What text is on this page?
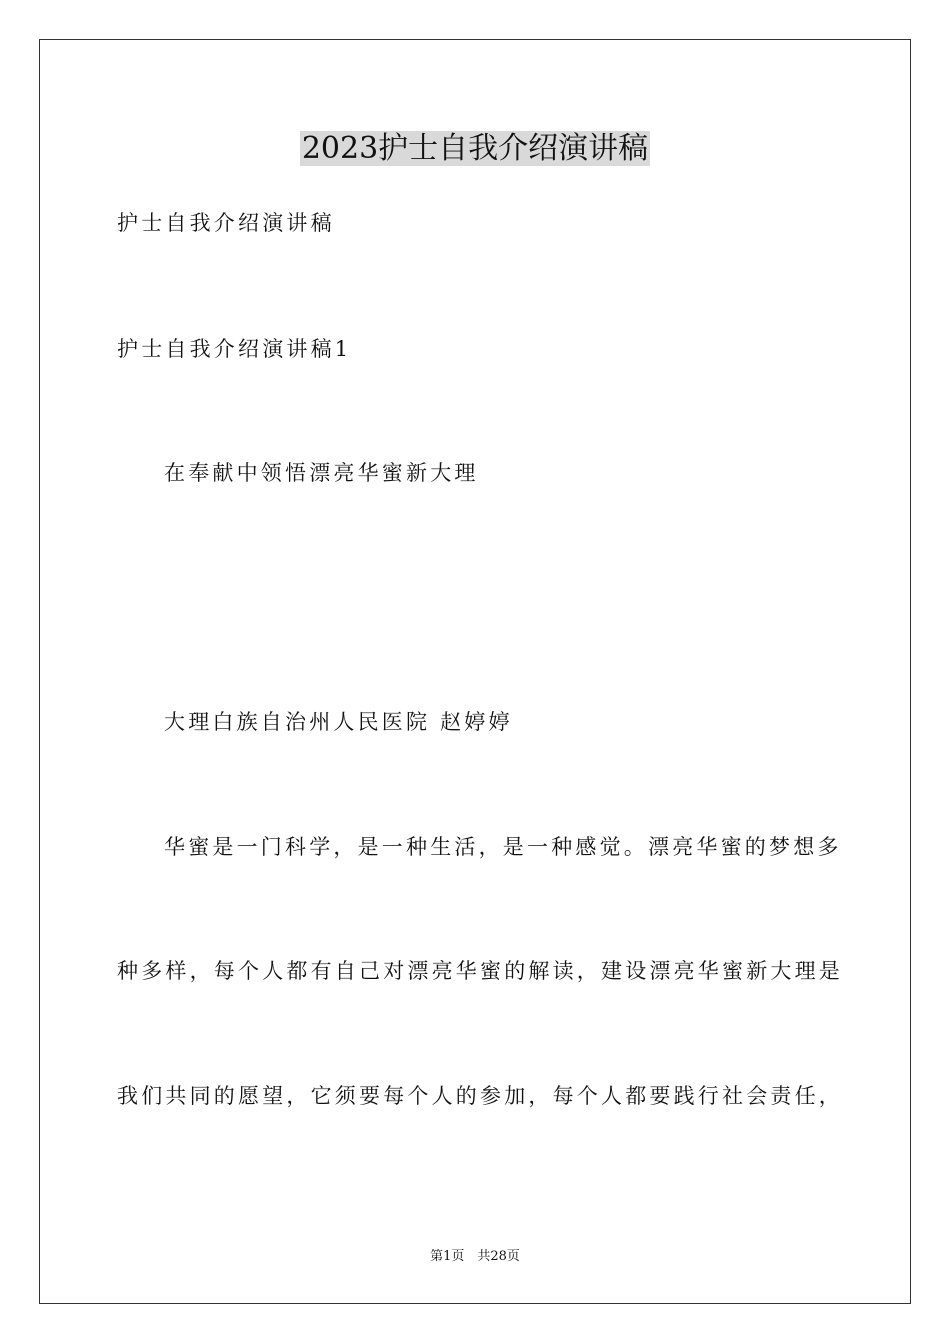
2023护士自我介绍演讲稿

护士自我介绍演讲稿

护士自我介绍演讲稿1

在奉献中领悟漂亮华蜜新大理

大理白族自治州人民医院 赵婷婷

华蜜是一门科学，是一种生活，是一种感觉。漂亮华蜜的梦想多

种多样，每个人都有自己对漂亮华蜜的解读，建设漂亮华蜜新大理是

我们共同的愿望，它须要每个人的参加，每个人都要践行社会责任，

第1页　共28页
